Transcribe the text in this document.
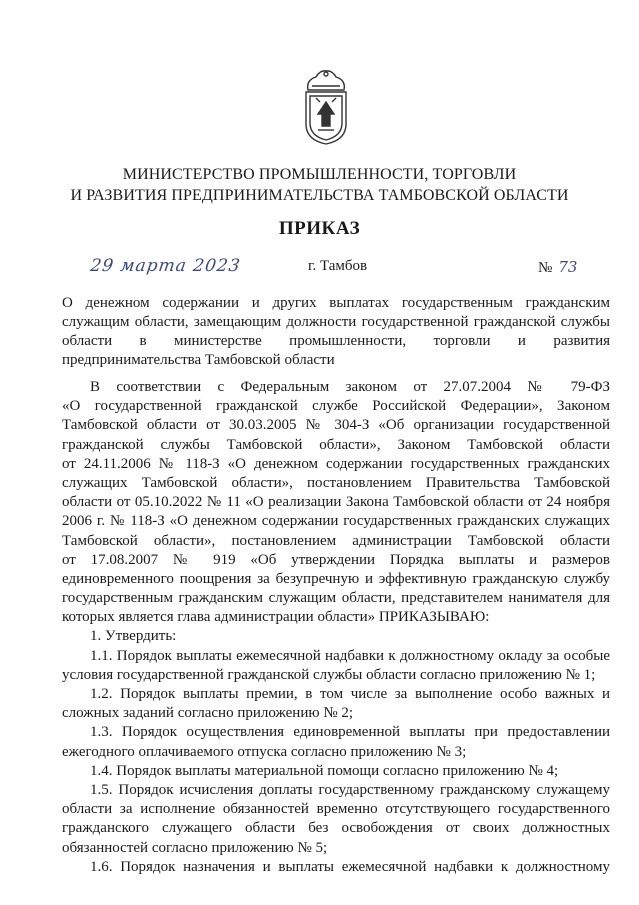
МИНИСТЕРСТВО ПРОМЫШЛЕННОСТИ, ТОРГОВЛИ
И РАЗВИТИЯ ПРЕДПРИНИМАТЕЛЬСТВА ТАМБОВСКОЙ ОБЛАСТИ
ПРИКАЗ
29 марта 2023	г. Тамбов	№ 73
О денежном содержании и других выплатах государственным гражданским
служащим области, замещающим должности государственной гражданской службы
области в министерстве промышленности, торговли и развития
предпринимательства Тамбовской области
В соответствии с Федеральным законом от 27.07.2004 № 79-ФЗ
«О государственной гражданской службе Российской Федерации», Законом
Тамбовской области от 30.03.2005 № 304-З «Об организации государственной
гражданской службы Тамбовской области», Законом Тамбовской области
от 24.11.2006 № 118-З «О денежном содержании государственных гражданских
служащих Тамбовской области», постановлением Правительства Тамбовской
области от 05.10.2022 № 11 «О реализации Закона Тамбовской области от 24 ноября
2006 г. № 118-З «О денежном содержании государственных гражданских служащих
Тамбовской области», постановлением администрации Тамбовской области
от 17.08.2007 № 919 «Об утверждении Порядка выплаты и размеров
единовременного поощрения за безупречную и эффективную гражданскую службу
государственным гражданским служащим области, представителем нанимателя для
которых является глава администрации области» ПРИКАЗЫВАЮ:
1. Утвердить:
1.1. Порядок выплаты ежемесячной надбавки к должностному окладу за особые
условия государственной гражданской службы области согласно приложению № 1;
1.2. Порядок выплаты премии, в том числе за выполнение особо важных и
сложных заданий согласно приложению № 2;
1.3. Порядок осуществления единовременной выплаты при предоставлении
ежегодного оплачиваемого отпуска согласно приложению № 3;
1.4. Порядок выплаты материальной помощи согласно приложению № 4;
1.5. Порядок исчисления доплаты государственному гражданскому служащему
области за исполнение обязанностей временно отсутствующего государственного
гражданского служащего области без освобождения от своих должностных
обязанностей согласно приложению № 5;
1.6. Порядок назначения и выплаты ежемесячной надбавки к должностному
